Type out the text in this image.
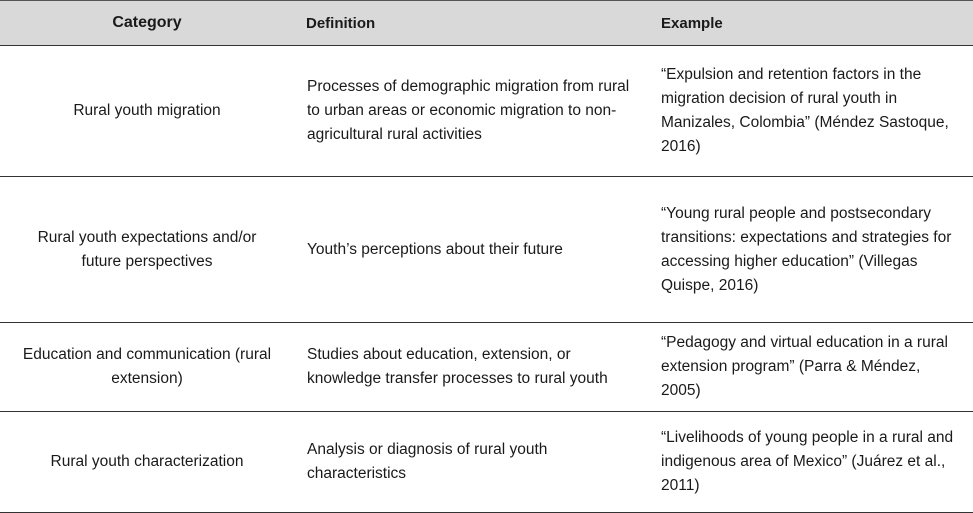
Category	Definition	Example
Rural youth migration	Processes of demographic migration from rural to urban areas or economic migration to non-agricultural rural activities	“Expulsion and retention factors in the migration decision of rural youth in Manizales, Colombia” (Méndez Sastoque, 2016)
Rural youth expectations and/or future perspectives	Youth’s perceptions about their future	“Young rural people and postsecondary transitions: expectations and strategies for accessing higher education” (Villegas Quispe, 2016)
Education and communication (rural extension)	Studies about education, extension, or knowledge transfer processes to rural youth	“Pedagogy and virtual education in a rural extension program” (Parra & Méndez, 2005)
Rural youth characterization	Analysis or diagnosis of rural youth characteristics	“Livelihoods of young people in a rural and indigenous area of Mexico” (Juárez et al., 2011)
